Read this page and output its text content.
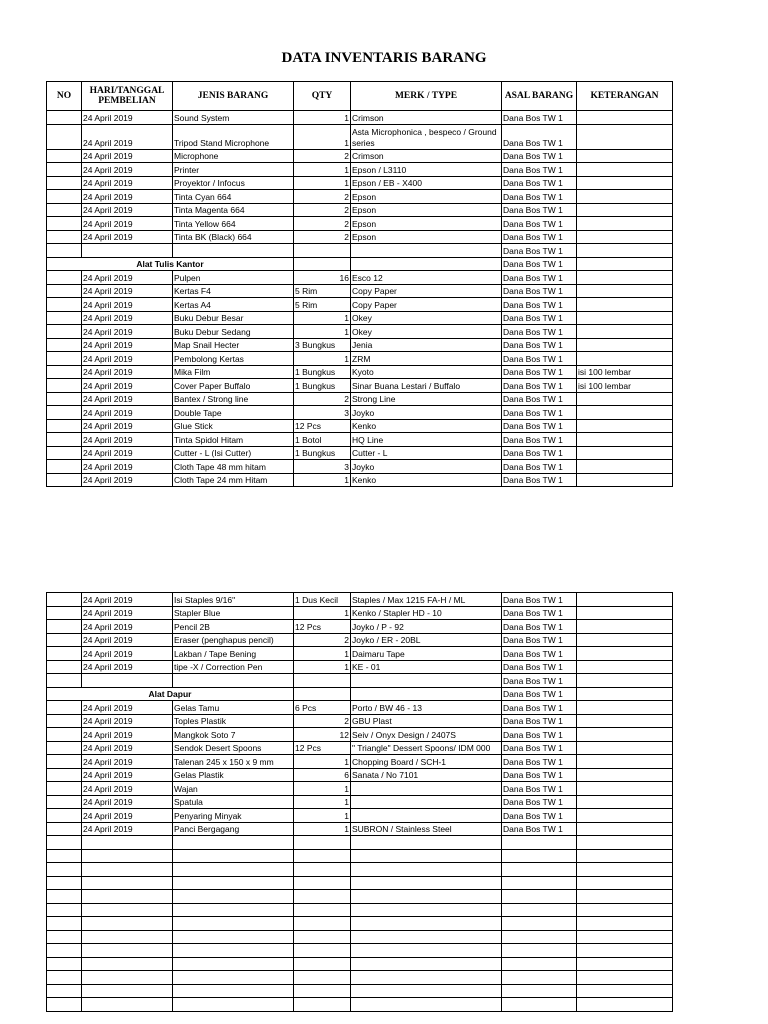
DATA INVENTARIS BARANG
NO	HARI/TANGGAL PEMBELIAN	JENIS BARANG	QTY	MERK / TYPE	ASAL BARANG	KETERANGAN
	24 April 2019	Sound System	1	Crimson	Dana Bos TW 1	
	24 April 2019	Tripod Stand Microphone	1	Asta Microphonica , bespeco / Ground series	Dana Bos TW 1	
	24 April 2019	Microphone	2	Crimson	Dana Bos TW 1	
	24 April 2019	Printer	1	Epson / L3110	Dana Bos TW 1	
	24 April 2019	Proyektor / Infocus	1	Epson / EB - X400	Dana Bos TW 1	
	24 April 2019	Tinta Cyan 664	2	Epson	Dana Bos TW 1	
	24 April 2019	Tinta Magenta 664	2	Epson	Dana Bos TW 1	
	24 April 2019	Tinta Yellow 664	2	Epson	Dana Bos TW 1	
	24 April 2019	Tinta BK (Black) 664	2	Epson	Dana Bos TW 1	
					Dana Bos TW 1	
Alat Tulis Kantor					Dana Bos TW 1	
	24 April 2019	Pulpen	16	Esco 12	Dana Bos TW 1	
	24 April 2019	Kertas F4	5 Rim	Copy Paper	Dana Bos TW 1	
	24 April 2019	Kertas A4	5 Rim	Copy Paper	Dana Bos TW 1	
	24 April 2019	Buku Debur Besar	1	Okey	Dana Bos TW 1	
	24 April 2019	Buku Debur Sedang	1	Okey	Dana Bos TW 1	
	24 April 2019	Map Snail Hecter	3 Bungkus	Jenia	Dana Bos TW 1	
	24 April 2019	Pembolong Kertas	1	ZRM	Dana Bos TW 1	
	24 April 2019	Mika Film	1 Bungkus	Kyoto	Dana Bos TW 1	isi 100 lembar
	24 April 2019	Cover Paper Buffalo	1 Bungkus	Sinar Buana Lestari / Buffalo	Dana Bos TW 1	isi 100 lembar
	24 April 2019	Bantex / Strong line	2	Strong Line	Dana Bos TW 1	
	24 April 2019	Double Tape	3	Joyko	Dana Bos TW 1	
	24 April 2019	Glue Stick	12 Pcs	Kenko	Dana Bos TW 1	
	24 April 2019	Tinta Spidol Hitam	1 Botol	HQ Line	Dana Bos TW 1	
	24 April 2019	Cutter - L (Isi Cutter)	1 Bungkus	Cutter - L	Dana Bos TW 1	
	24 April 2019	Cloth Tape 48 mm hitam	3	Joyko	Dana Bos TW 1	
	24 April 2019	Cloth Tape 24 mm Hitam	1	Kenko	Dana Bos TW 1	
	24 April 2019	Isi Staples 9/16"	1 Dus Kecil	Staples / Max 1215 FA-H / ML	Dana Bos TW 1	
	24 April 2019	Stapler Blue	1	Kenko / Stapler HD - 10	Dana Bos TW 1	
	24 April 2019	Pencil 2B	12 Pcs	Joyko / P - 92	Dana Bos TW 1	
	24 April 2019	Eraser (penghapus pencil)	2	Joyko / ER - 20BL	Dana Bos TW 1	
	24 April 2019	Lakban / Tape Bening	1	Daimaru Tape	Dana Bos TW 1	
	24 April 2019	tipe -X / Correction Pen	1	KE - 01	Dana Bos TW 1	
					Dana Bos TW 1	
Alat Dapur					Dana Bos TW 1	
	24 April 2019	Gelas Tamu	6 Pcs	Porto / BW 46 - 13	Dana Bos TW 1	
	24 April 2019	Toples Plastik	2	GBU Plast	Dana Bos TW 1	
	24 April 2019	Mangkok Soto 7	12	Seiv / Onyx Design / 2407S	Dana Bos TW 1	
	24 April 2019	Sendok Desert Spoons	12 Pcs	" Triangle" Dessert Spoons/ IDM 000	Dana Bos TW 1	
	24 April 2019	Talenan 245 x 150 x 9 mm	1	Chopping Board / SCH-1	Dana Bos TW 1	
	24 April 2019	Gelas Plastik	6	Sanata / No 7101	Dana Bos TW 1	
	24 April 2019	Wajan	1		Dana Bos TW 1	
	24 April 2019	Spatula	1		Dana Bos TW 1	
	24 April 2019	Penyaring Minyak	1		Dana Bos TW 1	
	24 April 2019	Panci Bergagang	1	SUBRON / Stainless Steel	Dana Bos TW 1	
